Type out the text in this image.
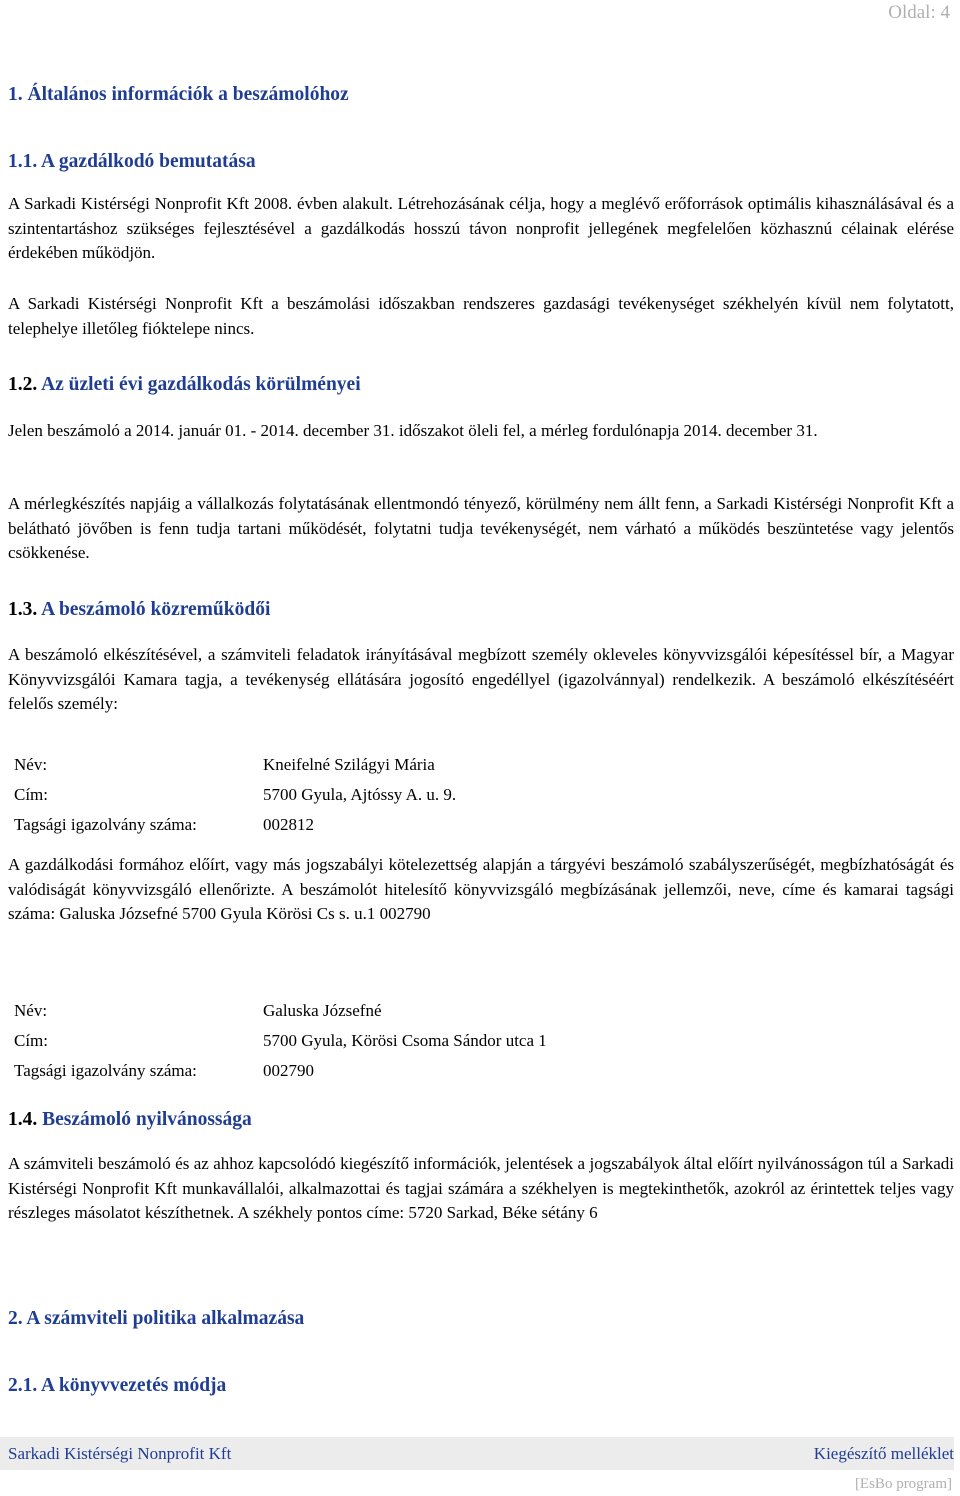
Oldal: 4
1. Általános információk a beszámolóhoz
1.1. A gazdálkodó bemutatása
A Sarkadi Kistérségi Nonprofit Kft 2008. évben alakult. Létrehozásának célja, hogy a meglévő erőforrások optimális kihasználásával és a szintentartáshoz szükséges fejlesztésével a gazdálkodás hosszú távon nonprofit jellegének megfelelően közhasznú célainak elérése érdekében működjön.
A Sarkadi Kistérségi Nonprofit Kft a beszámolási időszakban rendszeres gazdasági tevékenységet székhelyén kívül nem folytatott, telephelye illetőleg fióktelepe nincs.
1.2. Az üzleti évi gazdálkodás körülményei
Jelen beszámoló a 2014. január 01. - 2014. december 31. időszakot öleli fel, a mérleg fordulónapja 2014. december 31.
A mérlegkészítés napjáig a vállalkozás folytatásának ellentmondó tényező, körülmény nem állt fenn, a Sarkadi Kistérségi Nonprofit Kft a belátható jövőben is fenn tudja tartani működését, folytatni tudja tevékenységét, nem várható a működés beszüntetése vagy jelentős csökkenése.
1.3. A beszámoló közreműködői
A beszámoló elkészítésével, a számviteli feladatok irányításával megbízott személy okleveles könyvvizsgálói képesítéssel bír, a Magyar Könyvvizsgálói Kamara tagja, a tevékenység ellátására jogosító engedéllyel (igazolvánnyal) rendelkezik. A beszámoló elkészítéséért felelős személy:
Név:	Kneifelné Szilágyi Mária
Cím:	5700 Gyula, Ajtóssy A. u. 9.
Tagsági igazolvány száma:	002812
A gazdálkodási formához előírt, vagy más jogszabályi kötelezettség alapján a tárgyévi beszámoló szabályszerűségét, megbízhatóságát és valódiságát könyvvizsgáló ellenőrizte. A beszámolót hitelesítő könyvvizsgáló megbízásának jellemzői, neve, címe és kamarai tagsági száma: Galuska Józsefné 5700 Gyula Körösi Cs s. u.1 002790
Név:	Galuska Józsefné
Cím:	5700 Gyula, Körösi Csoma Sándor utca 1
Tagsági igazolvány száma:	002790
1.4. Beszámoló nyilvánossága
A számviteli beszámoló és az ahhoz kapcsolódó kiegészítő információk, jelentések a jogszabályok által előírt nyilvánosságon túl a Sarkadi Kistérségi Nonprofit Kft munkavállalói, alkalmazottai és tagjai számára a székhelyen is megtekinthetők, azokról az érintettek teljes vagy részleges másolatot készíthetnek. A székhely pontos címe: 5720 Sarkad, Béke sétány 6
2. A számviteli politika alkalmazása
2.1. A könyvvezetés módja
Sarkadi Kistérségi Nonprofit Kft	Kiegészítő melléklet
[EsBo program]
